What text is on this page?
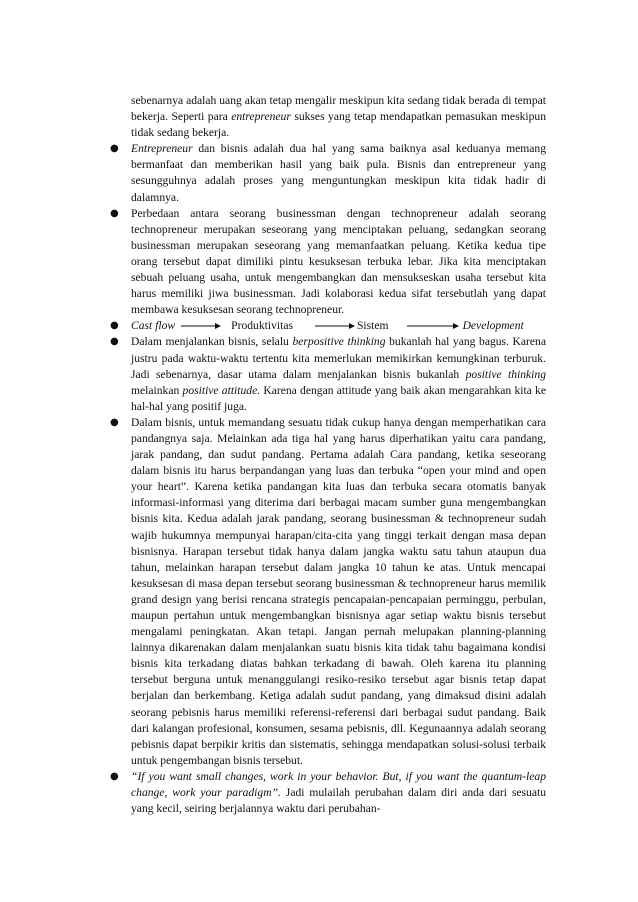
sebenarnya adalah uang akan tetap mengalir meskipun kita sedang tidak berada di tempat bekerja. Seperti para entrepreneur sukses yang tetap mendapatkan pemasukan meskipun tidak sedang bekerja.

● Entrepreneur dan bisnis adalah dua hal yang sama baiknya asal keduanya memang bermanfaat dan memberikan hasil yang baik pula. Bisnis dan entrepreneur yang sesungguhnya adalah proses yang menguntungkan meskipun kita tidak hadir di dalamnya.

● Perbedaan antara seorang businessman dengan technopreneur adalah seorang technopreneur merupakan seseorang yang menciptakan peluang, sedangkan seorang businessman merupakan seseorang yang memanfaatkan peluang. Ketika kedua tipe orang tersebut dapat dimiliki pintu kesuksesan terbuka lebar. Jika kita menciptakan sebuah peluang usaha, untuk mengembangkan dan mensukseskan usaha tersebut kita harus memiliki jiwa businessman. Jadi kolaborasi kedua sifat tersebutlah yang dapat membawa kesuksesan seorang technopreneur.

● Cast flow	Produktivitas	Sistem	Development
● Dalam menjalankan bisnis, selalu berpositive thinking bukanlah hal yang bagus. Karena justru pada waktu-waktu tertentu kita memerlukan memikirkan kemungkinan terburuk. Jadi sebenarnya, dasar utama dalam menjalankan bisnis bukanlah positive thinking melainkan positive attitude. Karena dengan attitude yang baik akan mengarahkan kita ke hal-hal yang positif juga.

● Dalam bisnis, untuk memandang sesuatu tidak cukup hanya dengan memperhatikan cara pandangnya saja. Melainkan ada tiga hal yang harus diperhatikan yaitu cara pandang, jarak pandang, dan sudut pandang. Pertama adalah Cara pandang, ketika seseorang dalam bisnis itu harus berpandangan yang luas dan terbuka “open your mind and open your heart”. Karena ketika pandangan kita luas dan terbuka secara otomatis banyak informasi-informasi yang diterima dari berbagai macam sumber guna mengembangkan bisnis kita. Kedua adalah jarak pandang, seorang businessman & technopreneur sudah wajib hukumnya mempunyai harapan/cita-cita yang tinggi terkait dengan masa depan bisnisnya. Harapan tersebut tidak hanya dalam jangka waktu satu tahun ataupun dua tahun, melainkan harapan tersebut dalam jangka 10 tahun ke atas. Untuk mencapai kesuksesan di masa depan tersebut seorang businessman & technopreneur harus memilik grand design yang berisi rencana strategis pencapaian-pencapaian perminggu, perbulan, maupun pertahun untuk mengembangkan bisnisnya agar setiap waktu bisnis tersebut mengalami peningkatan. Akan tetapi. Jangan pernah melupakan planning-planning lainnya dikarenakan dalam menjalankan suatu bisnis kita tidak tahu bagaimana kondisi bisnis kita terkadang diatas bahkan terkadang di bawah. Oleh karena itu planning tersebut berguna untuk menanggulangi resiko-resiko tersebut agar bisnis tetap dapat berjalan dan berkembang. Ketiga adalah sudut pandang, yang dimaksud disini adalah seorang pebisnis harus memiliki referensi-referensi dari berbagai sudut pandang. Baik dari kalangan profesional, konsumen, sesama pebisnis, dll. Kegunaannya adalah seorang pebisnis dapat berpikir kritis dan sistematis, sehingga mendapatkan solusi-solusi terbaik untuk pengembangan bisnis tersebut.

● “If you want small changes, work in your behavior. But, if you want the quantum-leap change, work your paradigm”. Jadi mulailah perubahan dalam diri anda dari sesuatu yang kecil, seiring berjalannya waktu dari perubahan-
